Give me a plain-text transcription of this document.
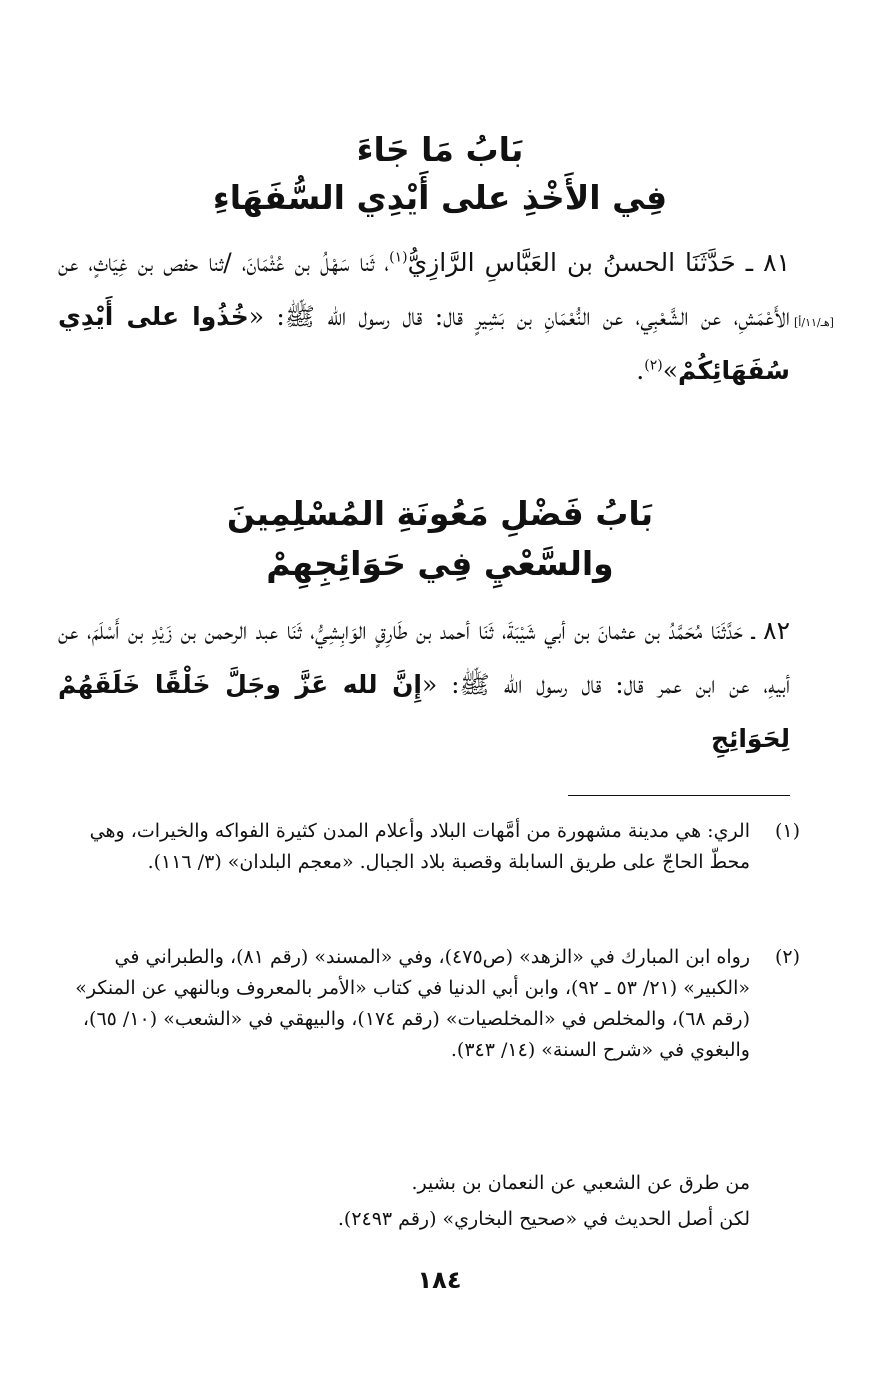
بَابُ مَا جَاءَ
فِي الأَخْذِ على أَيْدِي السُّفَهَاءِ
[هـ/١١/أ]

٨١ ـ حَدَّثَنَا الحسنُ بن العَبَّاسِ الرَّازِيُّ$^{(١)}$، ثَنا سَهْلُ بن عُثْمَانَ، /ثنا حفص بن غِيَاثٍ، عن الأَعْمَشِ، عن الشَّعْبِي، عن النُّعْمَانِ بن بَشِيرٍ قال: قال رسول الله ﷺ: «خُذُوا على أَيْدِي سُفَهَائِكُمْ»$^{(٢)}$.

بَابُ فَضْلِ مَعُونَةِ المُسْلِمِينَ
والسَّعْيِ فِي حَوَائِجِهِمْ

٨٢ ـ حَدَّثَنَا مُحَمَّدُ بن عثمانَ بن أبي شَيْبَةَ، ثَنَا أحمد بن طَارِقٍ الوَابِشِيُّ، ثَنَا عبد الرحمن بن زَيْدِ بن أَسْلَمَ، عن أبيهِ، عن ابن عمر قال: قال رسول الله ﷺ: «إِنَّ لله عَزَّ وجَلَّ خَلْقًا خَلَقَهُمْ لِحَوَائِجِ

(١)
الري: هي مدينة مشهورة من أمَّهات البلاد وأعلام المدن كثيرة الفواكه والخيرات، وهي محطّ الحاجّ على طريق السابلة وقصبة بلاد الجبال. «معجم البلدان» (٣/ ١١٦).
(٢)
رواه ابن المبارك في «الزهد» (ص٤٧٥)، وفي «المسند» (رقم ٨١)، والطبراني في «الكبير» (٢١/ ٥٣ ـ ٩٢)، وابن أبي الدنيا في كتاب «الأمر بالمعروف وبالنهي عن المنكر» (رقم ٦٨)، والمخلص في «المخلصيات» (رقم ١٧٤)، والبيهقي في «الشعب» (١٠/ ٦٥)، والبغوي في «شرح السنة» (١٤/ ٣٤٣).

من طرق عن الشعبي عن النعمان بن بشير.

لكن أصل الحديث في «صحيح البخاري» (رقم ٢٤٩٣).

١٨٤
